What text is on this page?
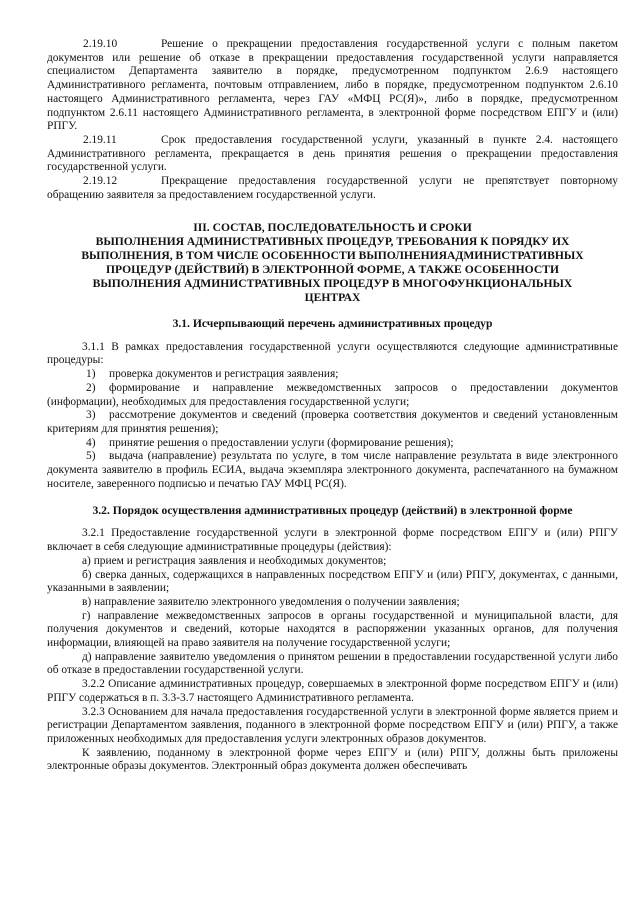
2.19.10	Решение о прекращении предоставления государственной услуги с полным пакетом документов или решение об отказе в прекращении предоставления государственной услуги направляется специалистом Департамента заявителю в порядке, предусмотренном подпунктом 2.6.9 настоящего Административного регламента, почтовым отправлением, либо в порядке, предусмотренном подпунктом 2.6.10 настоящего Административного регламента, через ГАУ «МФЦ РС(Я)», либо в порядке, предусмотренном подпунктом 2.6.11 настоящего Административного регламента, в электронной форме посредством ЕПГУ и (или) РПГУ.

2.19.11	Срок предоставления государственной услуги, указанный в пункте 2.4. настоящего Административного регламента, прекращается в день принятия решения о прекращении предоставления государственной услуги.

2.19.12	Прекращение предоставления государственной услуги не препятствует повторному обращению заявителя за предоставлением государственной услуги.

III. СОСТАВ, ПОСЛЕДОВАТЕЛЬНОСТЬ И СРОКИ
ВЫПОЛНЕНИЯ АДМИНИСТРАТИВНЫХ ПРОЦЕДУР, ТРЕБОВАНИЯ К ПОРЯДКУ ИХ
ВЫПОЛНЕНИЯ, В ТОМ ЧИСЛЕ ОСОБЕННОСТИ ВЫПОЛНЕНИЯАДМИНИСТРАТИВНЫХ
ПРОЦЕДУР (ДЕЙСТВИЙ) В ЭЛЕКТРОННОЙ ФОРМЕ, А ТАКЖЕ ОСОБЕННОСТИ
ВЫПОЛНЕНИЯ АДМИНИСТРАТИВНЫХ ПРОЦЕДУР В МНОГОФУНКЦИОНАЛЬНЫХ
ЦЕНТРАХ
3.1. Исчерпывающий перечень административных процедур

3.1.1 В рамках предоставления государственной услуги осуществляются следующие административные процедуры:

1) проверка документов и регистрация заявления;

2) формирование и направление межведомственных запросов о предоставлении документов (информации), необходимых для предоставления государственной услуги;

3) рассмотрение документов и сведений (проверка соответствия документов и сведений установленным критериям для принятия решения);

4) принятие решения о предоставлении услуги (формирование решения);

5) выдача (направление) результата по услуге, в том числе направление результата в виде электронного документа заявителю в профиль ЕСИА, выдача экземпляра электронного документа, распечатанного на бумажном носителе, заверенного подписью и печатью ГАУ МФЦ РС(Я).

3.2. Порядок осуществления административных процедур (действий) в электронной форме

3.2.1 Предоставление государственной услуги в электронной форме посредством ЕПГУ и (или) РПГУ включает в себя следующие административные процедуры (действия):

а) прием и регистрация заявления и необходимых документов;

б) сверка данных, содержащихся в направленных посредством ЕПГУ и (или) РПГУ, документах, с данными, указанными в заявлении;

в) направление заявителю электронного уведомления о получении заявления;

г) направление межведомственных запросов в органы государственной и муниципальной власти, для получения документов и сведений, которые находятся в распоряжении указанных органов, для получения информации, влияющей на право заявителя на получение государственной услуги;

д) направление заявителю уведомления о принятом решении в предоставлении государственной услуги либо об отказе в предоставлении государственной услуги.

3.2.2 Описание административных процедур, совершаемых в электронной форме посредством ЕПГУ и (или) РПГУ содержаться в п. 3.3-3.7 настоящего Административного регламента.

3.2.3 Основанием для начала предоставления государственной услуги в электронной форме является прием и регистрации Департаментом заявления, поданного в электронной форме посредством ЕПГУ и (или) РПГУ, а также приложенных необходимых для предоставления услуги электронных образов документов.

К заявлению, поданному в электронной форме через ЕПГУ и (или) РПГУ, должны быть приложены электронные образы документов. Электронный образ документа должен обеспечивать
